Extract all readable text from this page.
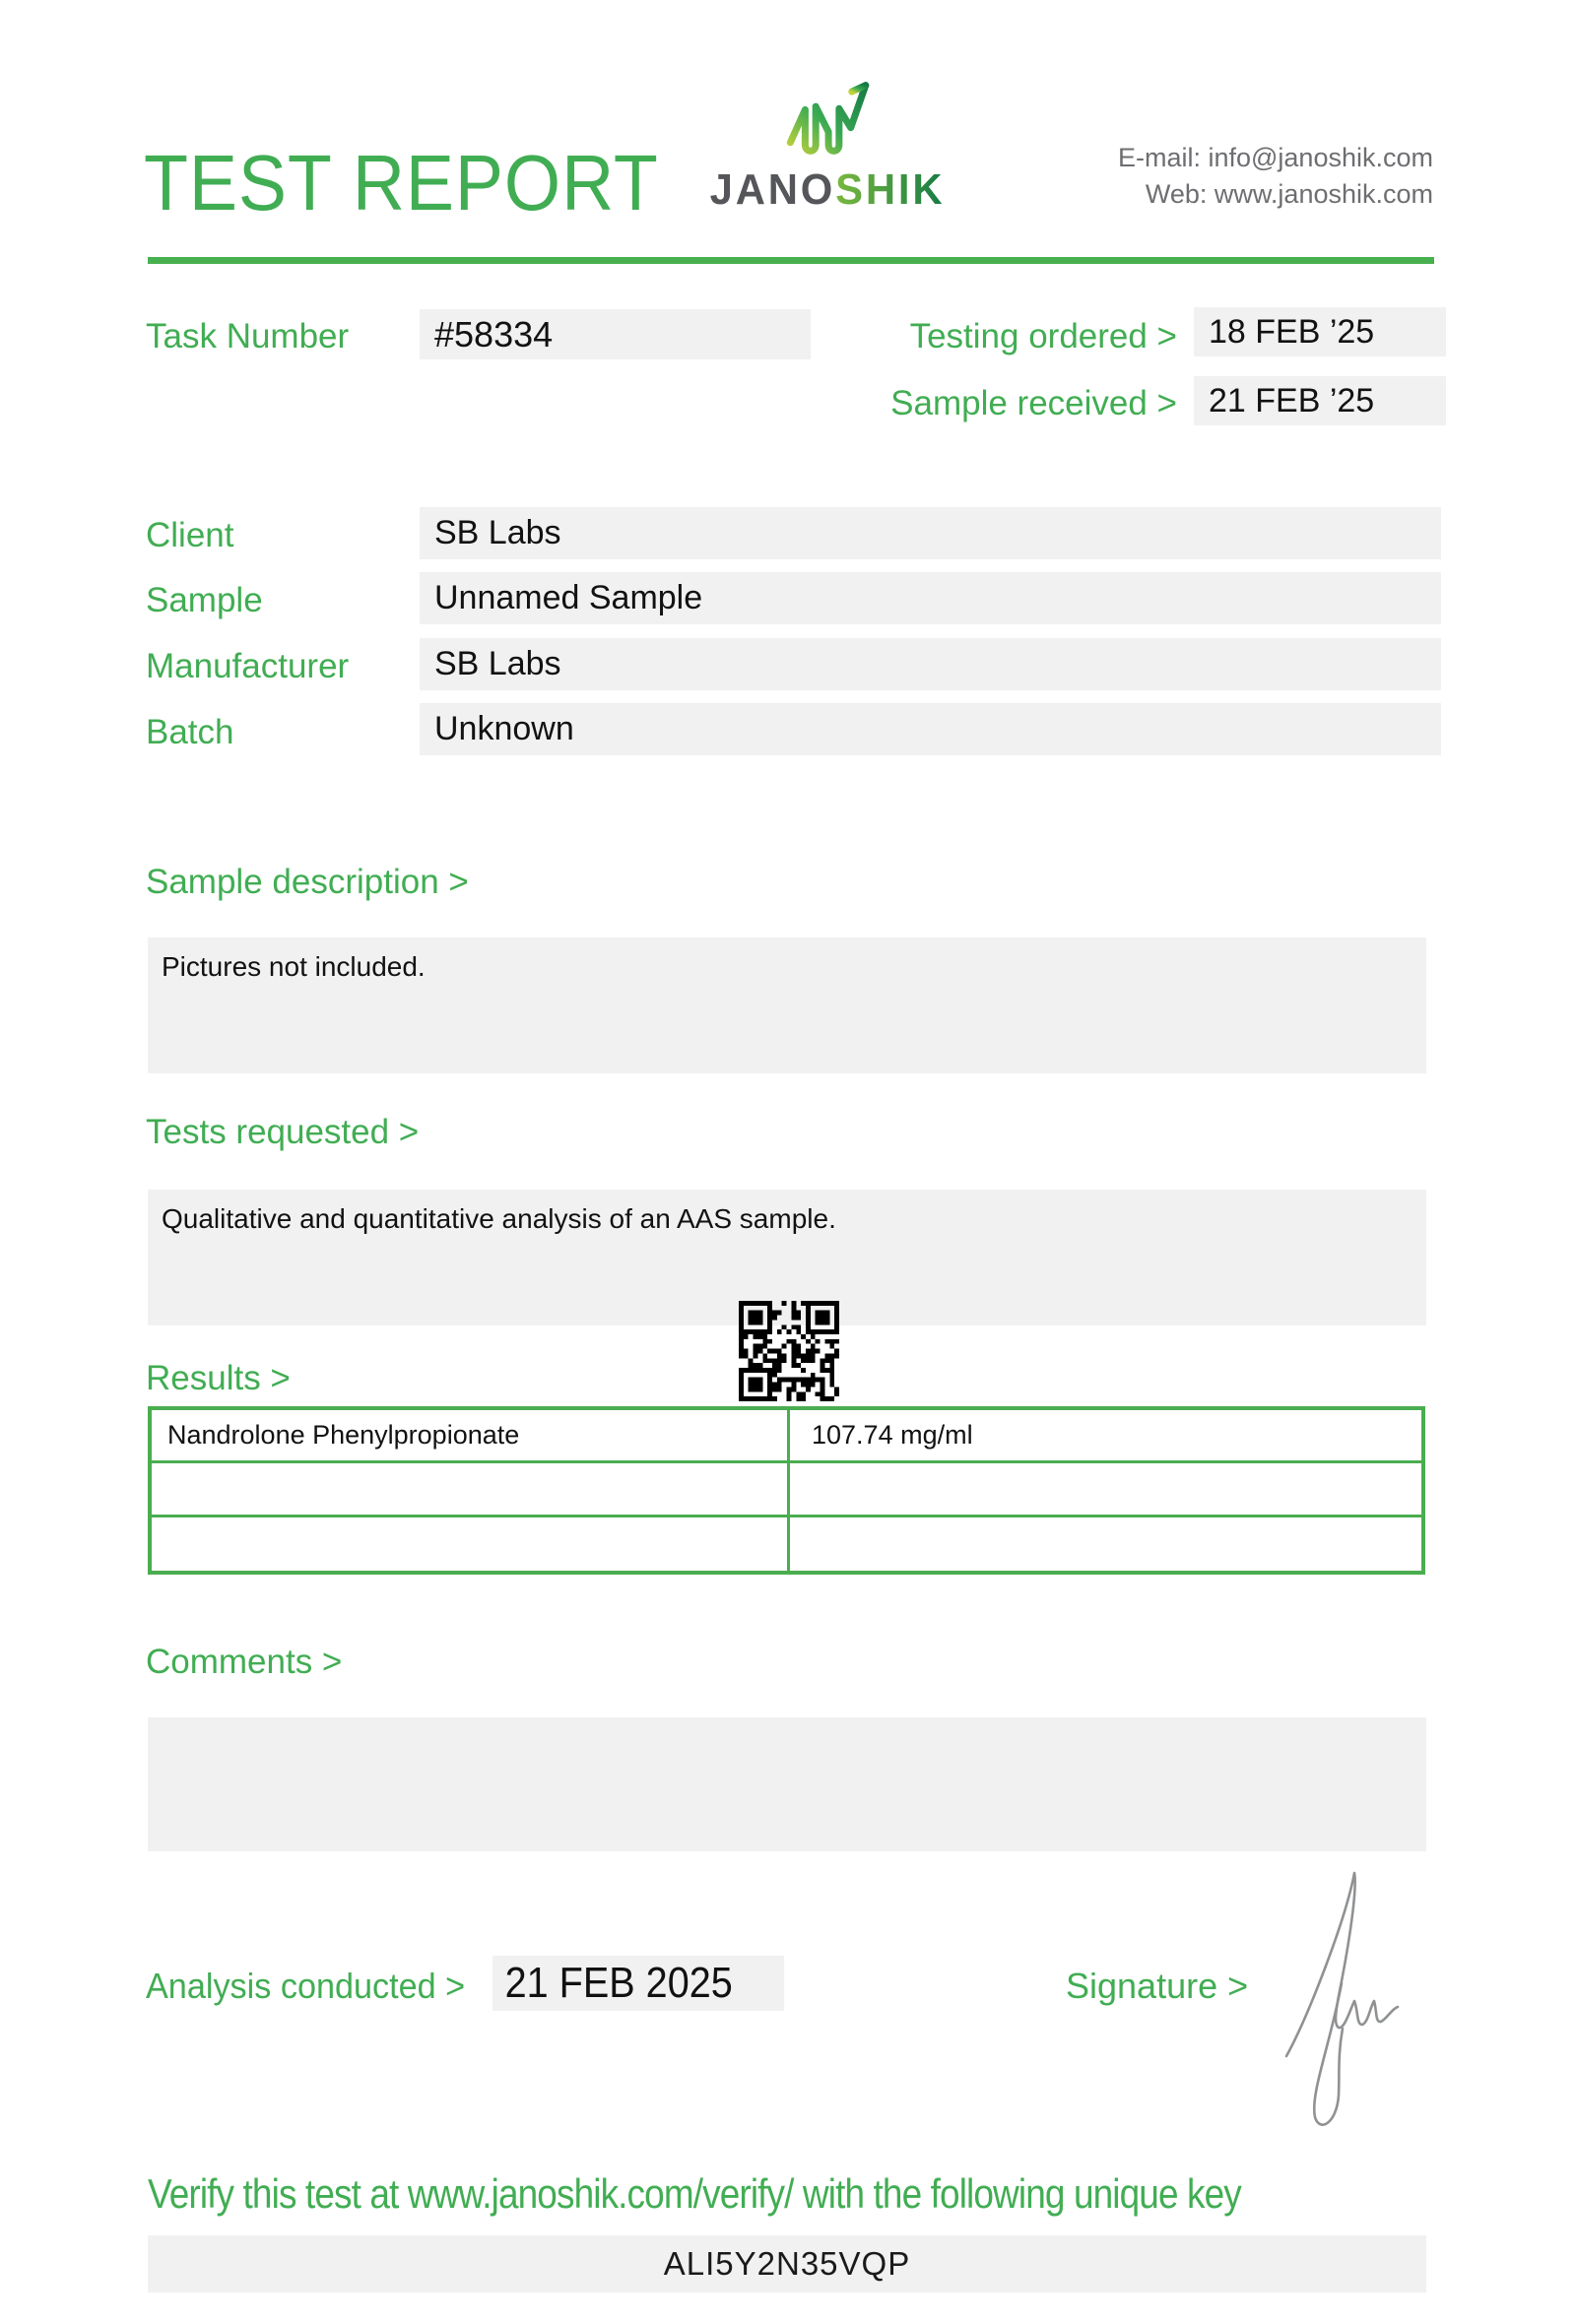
TEST REPORT	JANOSHIK
E-mail: info@janoshik.com
Web: www.janoshik.com
Task Number	#58334	Testing ordered > 18 FEB ’25
Sample received > 21 FEB ’25
Client	SB Labs
Sample	Unnamed Sample
Manufacturer	SB Labs
Batch	Unknown
Sample description >
Pictures not included.
Tests requested >
Qualitative and quantitative analysis of an AAS sample.
Results >
Nandrolone Phenylpropionate	107.74 mg/ml
Comments >
Analysis conducted > 21 FEB 2025	Signature >
Verify this test at www.janoshik.com/verify/ with the following unique key
ALI5Y2N35VQP
